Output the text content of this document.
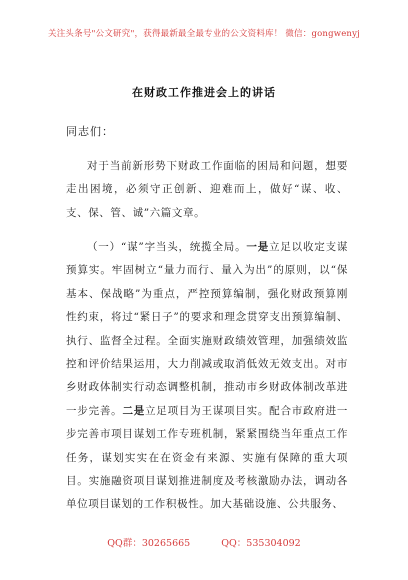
关注头条号"公文研究"，获得最新最全最专业的公文资料库！ 微信：gongwenyj
在财政工作推进会上的讲话
同志们：
对于当前新形势下财政工作面临的困局和问题，想要走出困境，必须守正创新、迎难而上，做好“谋、收、支、保、管、诚”六篇文章。
（一）“谋”字当头，统揽全局。一是立足以收定支谋预算实。牢固树立“量力而行、量入为出”的原则，以“保基本、保战略”为重点，严控预算编制，强化财政预算刚性约束，将过“紧日子”的要求和理念贯穿支出预算编制、执行、监督全过程。全面实施财政绩效管理，加强绩效监控和评价结果运用，大力削减或取消低效无效支出。对市乡财政体制实行动态调整机制，推动市乡财政体制改革进一步完善。二是立足项目为王谋项目实。配合市政府进一步完善市项目谋划工作专班机制，紧紧围绕当年重点工作任务，谋划实实在在资金有来源、实施有保障的重大项目。实施融资项目谋划推进制度及考核激励办法，调动各单位项目谋划的工作积极性。加大基础设施、公共服务、
QQ群：30265665	QQ：535304092
